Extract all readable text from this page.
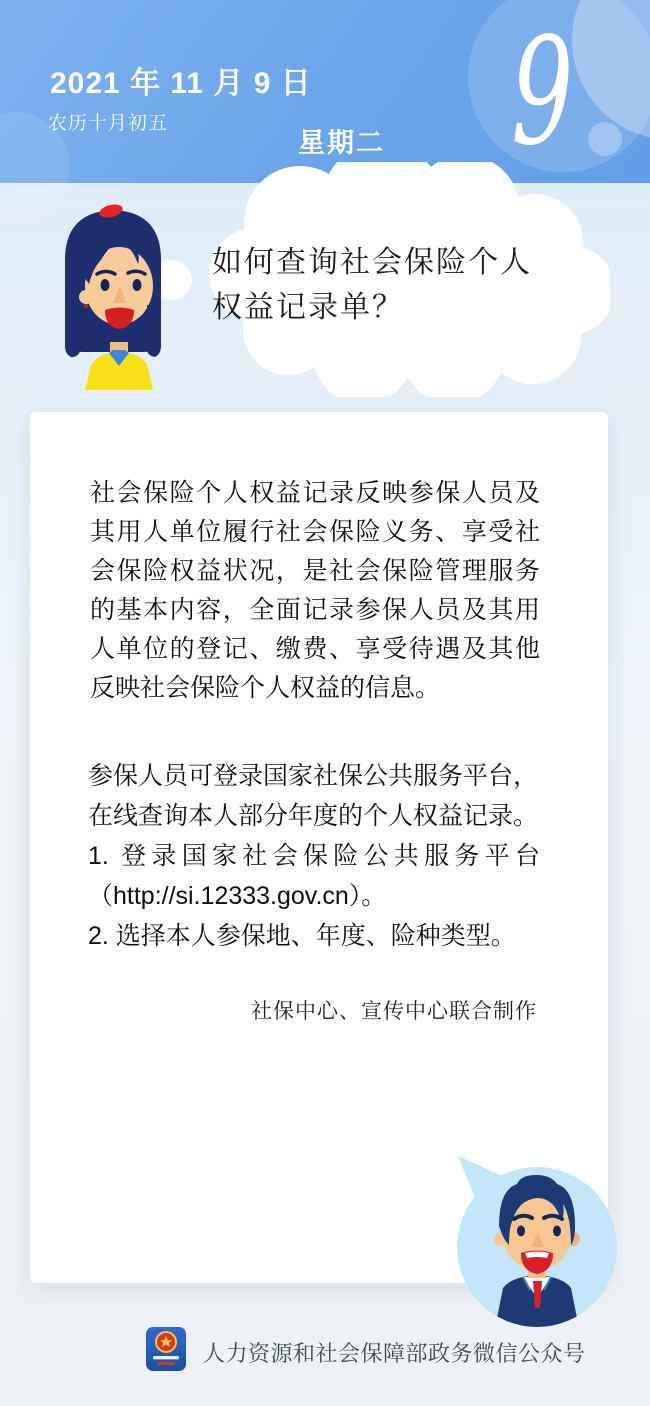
2021 年 11 月 9 日
农历十月初五
星期二 9
如何查询社会保险个人
权益记录单？
社会保险个人权益记录反映参保人员及
其用人单位履行社会保险义务、享受社
会保险权益状况，是社会保险管理服务
的基本内容，全面记录参保人员及其用
人单位的登记、缴费、享受待遇及其他
反映社会保险个人权益的信息。
参保人员可登录国家社保公共服务平台，
在线查询本人部分年度的个人权益记录。
1. 登录国家社会保险公共服务平台
（http://si.12333.gov.cn）。
2. 选择本人参保地、年度、险种类型。
社保中心、宣传中心联合制作
人力资源和社会保障部政务微信公众号
